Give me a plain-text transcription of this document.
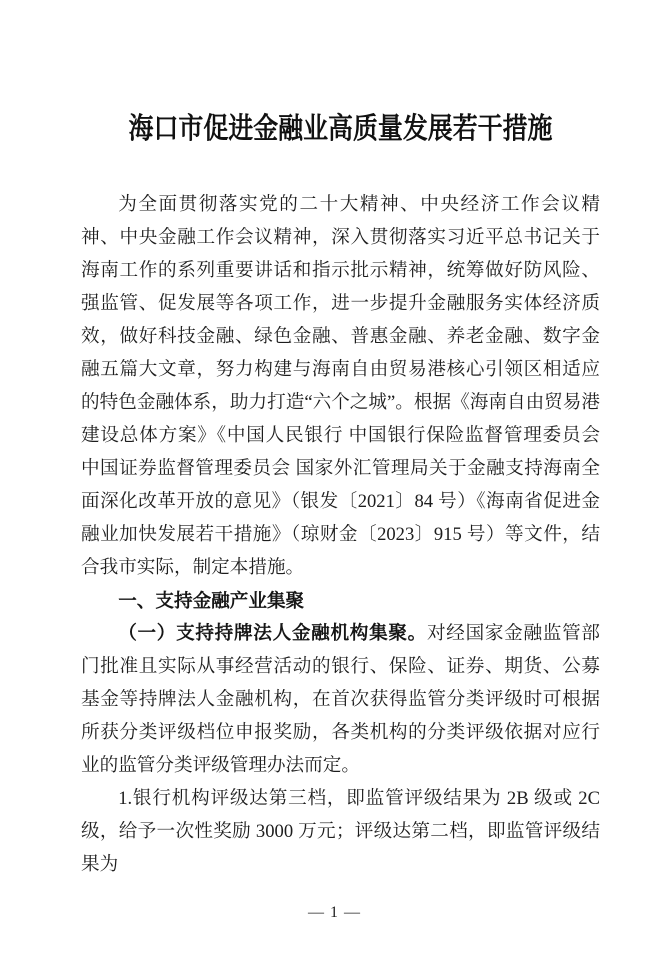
海口市促进金融业高质量发展若干措施

为全面贯彻落实党的二十大精神、中央经济工作会议精神、中央金融工作会议精神，深入贯彻落实习近平总书记关于海南工作的系列重要讲话和指示批示精神，统筹做好防风险、强监管、促发展等各项工作，进一步提升金融服务实体经济质效，做好科技金融、绿色金融、普惠金融、养老金融、数字金融五篇大文章，努力构建与海南自由贸易港核心引领区相适应的特色金融体系，助力打造“六个之城”。根据《海南自由贸易港建设总体方案》《中国人民银行 中国银行保险监督管理委员会 中国证券监督管理委员会 国家外汇管理局关于金融支持海南全面深化改革开放的意见》（银发〔2021〕84 号）《海南省促进金融业加快发展若干措施》（琼财金〔2023〕915 号）等文件，结合我市实际，制定本措施。

一、支持金融产业集聚

（一）支持持牌法人金融机构集聚。对经国家金融监管部门批准且实际从事经营活动的银行、保险、证券、期货、公募基金等持牌法人金融机构，在首次获得监管分类评级时可根据所获分类评级档位申报奖励，各类机构的分类评级依据对应行业的监管分类评级管理办法而定。

1.银行机构评级达第三档，即监管评级结果为 2B 级或 2C 级，给予一次性奖励 3000 万元；评级达第二档，即监管评级结果为

— 1 —
